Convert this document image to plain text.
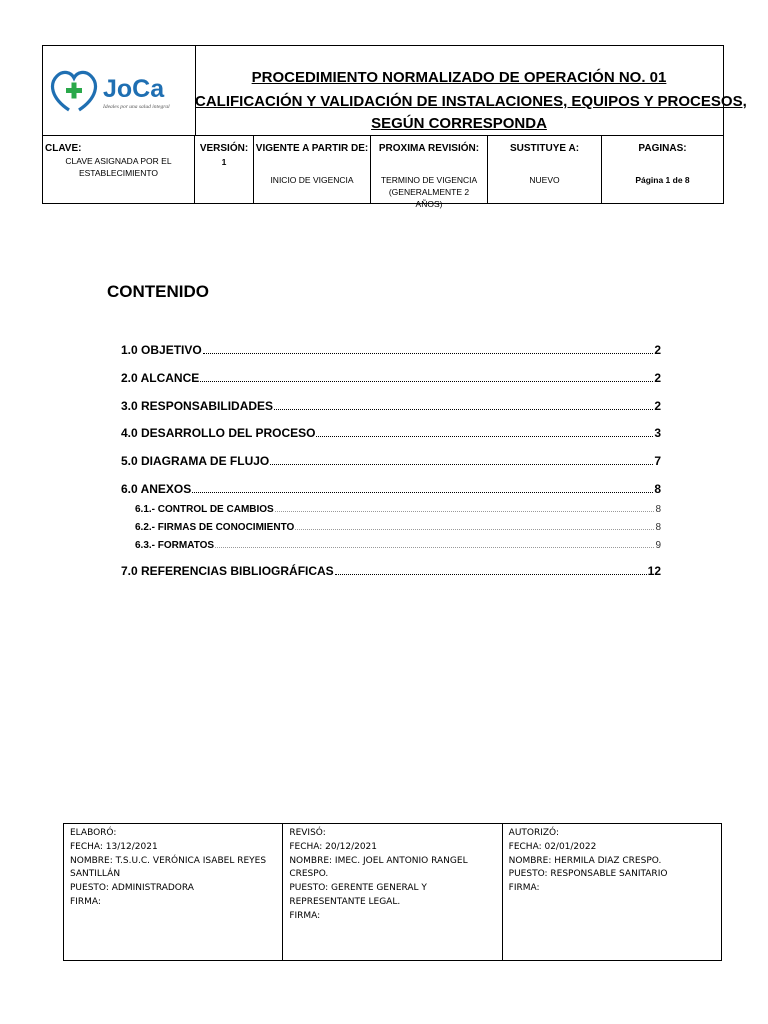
JoCa
Ideales por una salud integral
PROCEDIMIENTO NORMALIZADO DE OPERACIÓN NO. 01
CALIFICACIÓN Y VALIDACIÓN DE INSTALACIONES, EQUIPOS Y PROCESOS,
SEGÚN CORRESPONDA
CLAVE:
CLAVE ASIGNADA POR EL ESTABLECIMIENTO
VERSIÓN:
1
VIGENTE A PARTIR DE:
INICIO DE VIGENCIA
PROXIMA REVISIÓN:
TERMINO DE VIGENCIA (GENERALMENTE 2 AÑOS)
SUSTITUYE A:
NUEVO
PAGINAS:
Página 1 de 8
CONTENIDO
1.0 OBJETIVO	2
2.0 ALCANCE	2
3.0 RESPONSABILIDADES	2
4.0 DESARROLLO DEL PROCESO	3
5.0 DIAGRAMA DE FLUJO	7
6.0 ANEXOS	8
6.1.- CONTROL DE CAMBIOS	8
6.2.- FIRMAS DE CONOCIMIENTO	8
6.3.- FORMATOS	9
7.0 REFERENCIAS BIBLIOGRÁFICAS	12
ELABORÓ:
FECHA: 13/12/2021
NOMBRE: T.S.U.C. VERÓNICA ISABEL REYES SANTILLÁN
PUESTO: ADMINISTRADORA
FIRMA:
REVISÓ:
FECHA: 20/12/2021
NOMBRE: IMEC. JOEL ANTONIO RANGEL CRESPO.
PUESTO: GERENTE GENERAL Y REPRESENTANTE LEGAL.
FIRMA:
AUTORIZÓ:
FECHA: 02/01/2022
NOMBRE: HERMILA DIAZ CRESPO.
PUESTO: RESPONSABLE SANITARIO
FIRMA:
